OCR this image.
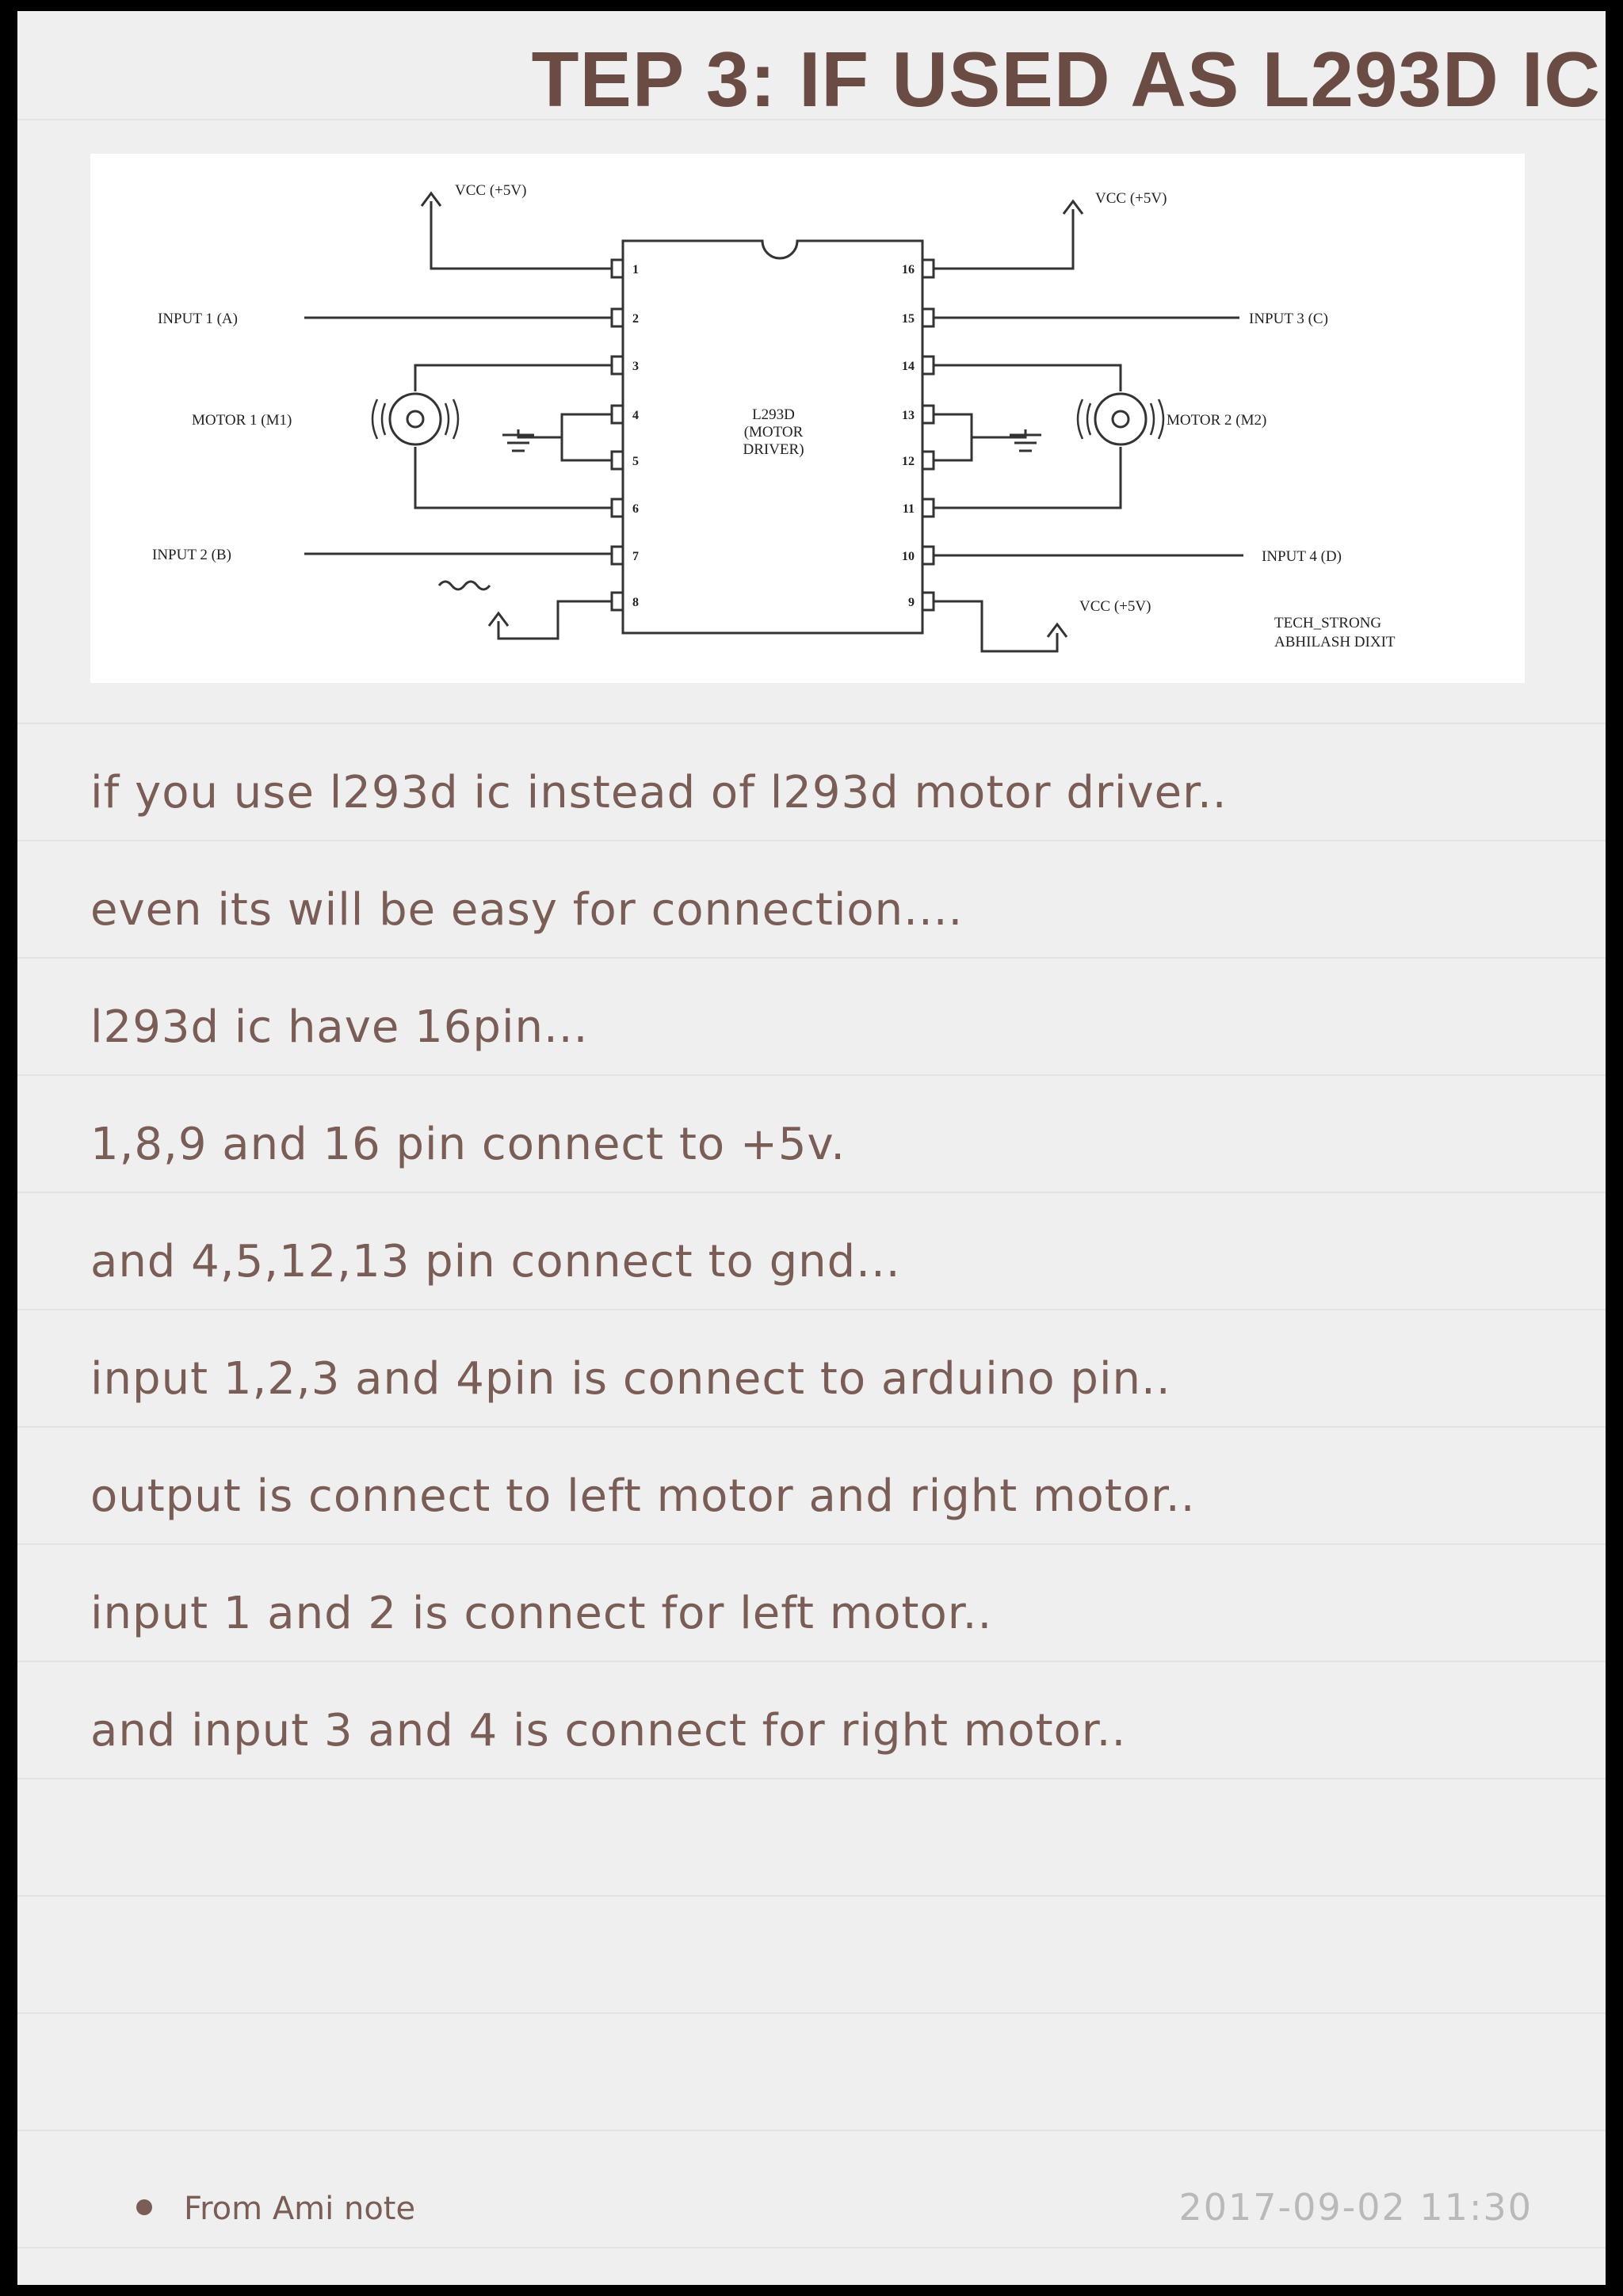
TEP 3: IF USED AS L293D IC
VCC (+5V)	VCC (+5V)
VCC (+5V)
INPUT 1 (A)
INPUT 2 (B)
INPUT 3 (C)
INPUT 4 (D)
MOTOR 1 (M1)	MOTOR 2 (M2)
TECH_STRONG
ABHILASH DIXIT
L293D
(MOTOR
DRIVER)
1
2
3
4
5
6
7
8
16
15
14
13
12
11
10
9
if you use l293d ic instead of l293d motor driver..
even its will be easy for connection....
l293d ic have 16pin...
1,8,9 and 16 pin connect to +5v.
and 4,5,12,13 pin connect to gnd...
input 1,2,3 and 4pin is connect to arduino pin..
output is connect to left motor and right motor..
input 1 and 2 is connect for left motor..
and input 3 and 4 is connect for right motor..
From Ami note	2017-09-02 11:30
